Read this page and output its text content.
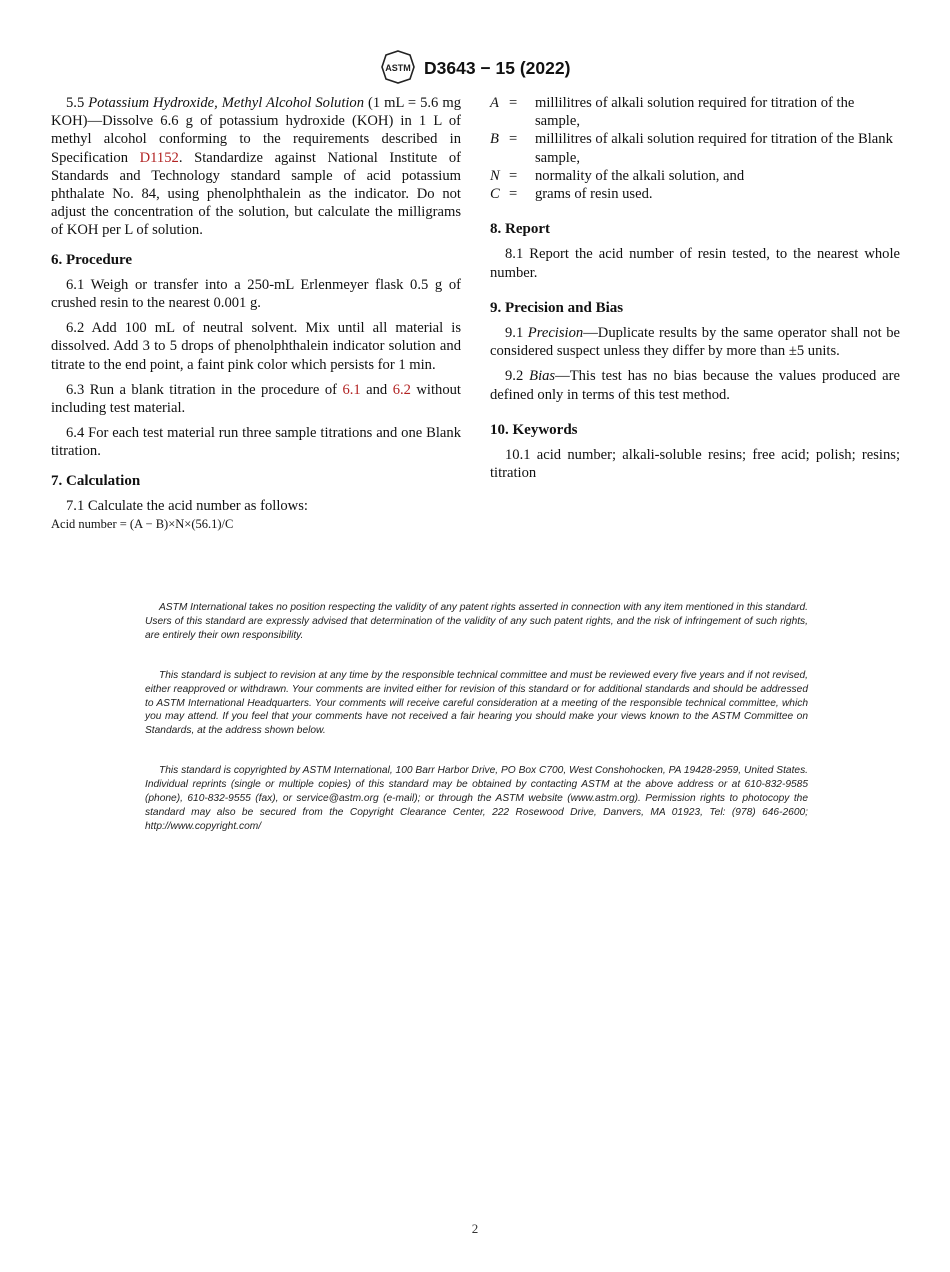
ASTM D3643 − 15 (2022)

5.5 Potassium Hydroxide, Methyl Alcohol Solution (1 mL = 5.6 mg KOH)—Dissolve 6.6 g of potassium hydroxide (KOH) in 1 L of methyl alcohol conforming to the requirements described in Specification D1152. Standardize against National Institute of Standards and Technology standard sample of acid potassium phthalate No. 84, using phenolphthalein as the indicator. Do not adjust the concentration of the solution, but calculate the milligrams of KOH per L of solution.

6. Procedure

6.1 Weigh or transfer into a 250-mL Erlenmeyer flask 0.5 g of crushed resin to the nearest 0.001 g.

6.2 Add 100 mL of neutral solvent. Mix until all material is dissolved. Add 3 to 5 drops of phenolphthalein indicator solution and titrate to the end point, a faint pink color which persists for 1 min.

6.3 Run a blank titration in the procedure of 6.1 and 6.2 without including test material.

6.4 For each test material run three sample titrations and one Blank titration.

7. Calculation

7.1 Calculate the acid number as follows:

Acid number = (A − B)×N×(56.1)/C

A =	millilitres of alkali solution required for titration of the sample,
B =	millilitres of alkali solution required for titration of the Blank sample,
N =	normality of the alkali solution, and
C =	grams of resin used.

8. Report

8.1 Report the acid number of resin tested, to the nearest whole number.

9. Precision and Bias

9.1 Precision—Duplicate results by the same operator shall not be considered suspect unless they differ by more than ±5 units.

9.2 Bias—This test has no bias because the values produced are defined only in terms of this test method.

10. Keywords

10.1 acid number; alkali-soluble resins; free acid; polish; resins; titration

ASTM International takes no position respecting the validity of any patent rights asserted in connection with any item mentioned in this standard. Users of this standard are expressly advised that determination of the validity of any such patent rights, and the risk of infringement of such rights, are entirely their own responsibility.

This standard is subject to revision at any time by the responsible technical committee and must be reviewed every five years and if not revised, either reapproved or withdrawn. Your comments are invited either for revision of this standard or for additional standards and should be addressed to ASTM International Headquarters. Your comments will receive careful consideration at a meeting of the responsible technical committee, which you may attend. If you feel that your comments have not received a fair hearing you should make your views known to the ASTM Committee on Standards, at the address shown below.

This standard is copyrighted by ASTM International, 100 Barr Harbor Drive, PO Box C700, West Conshohocken, PA 19428-2959, United States. Individual reprints (single or multiple copies) of this standard may be obtained by contacting ASTM at the above address or at 610-832-9585 (phone), 610-832-9555 (fax), or service@astm.org (e-mail); or through the ASTM website (www.astm.org). Permission rights to photocopy the standard may also be secured from the Copyright Clearance Center, 222 Rosewood Drive, Danvers, MA 01923, Tel: (978) 646-2600; http://www.copyright.com/

2
